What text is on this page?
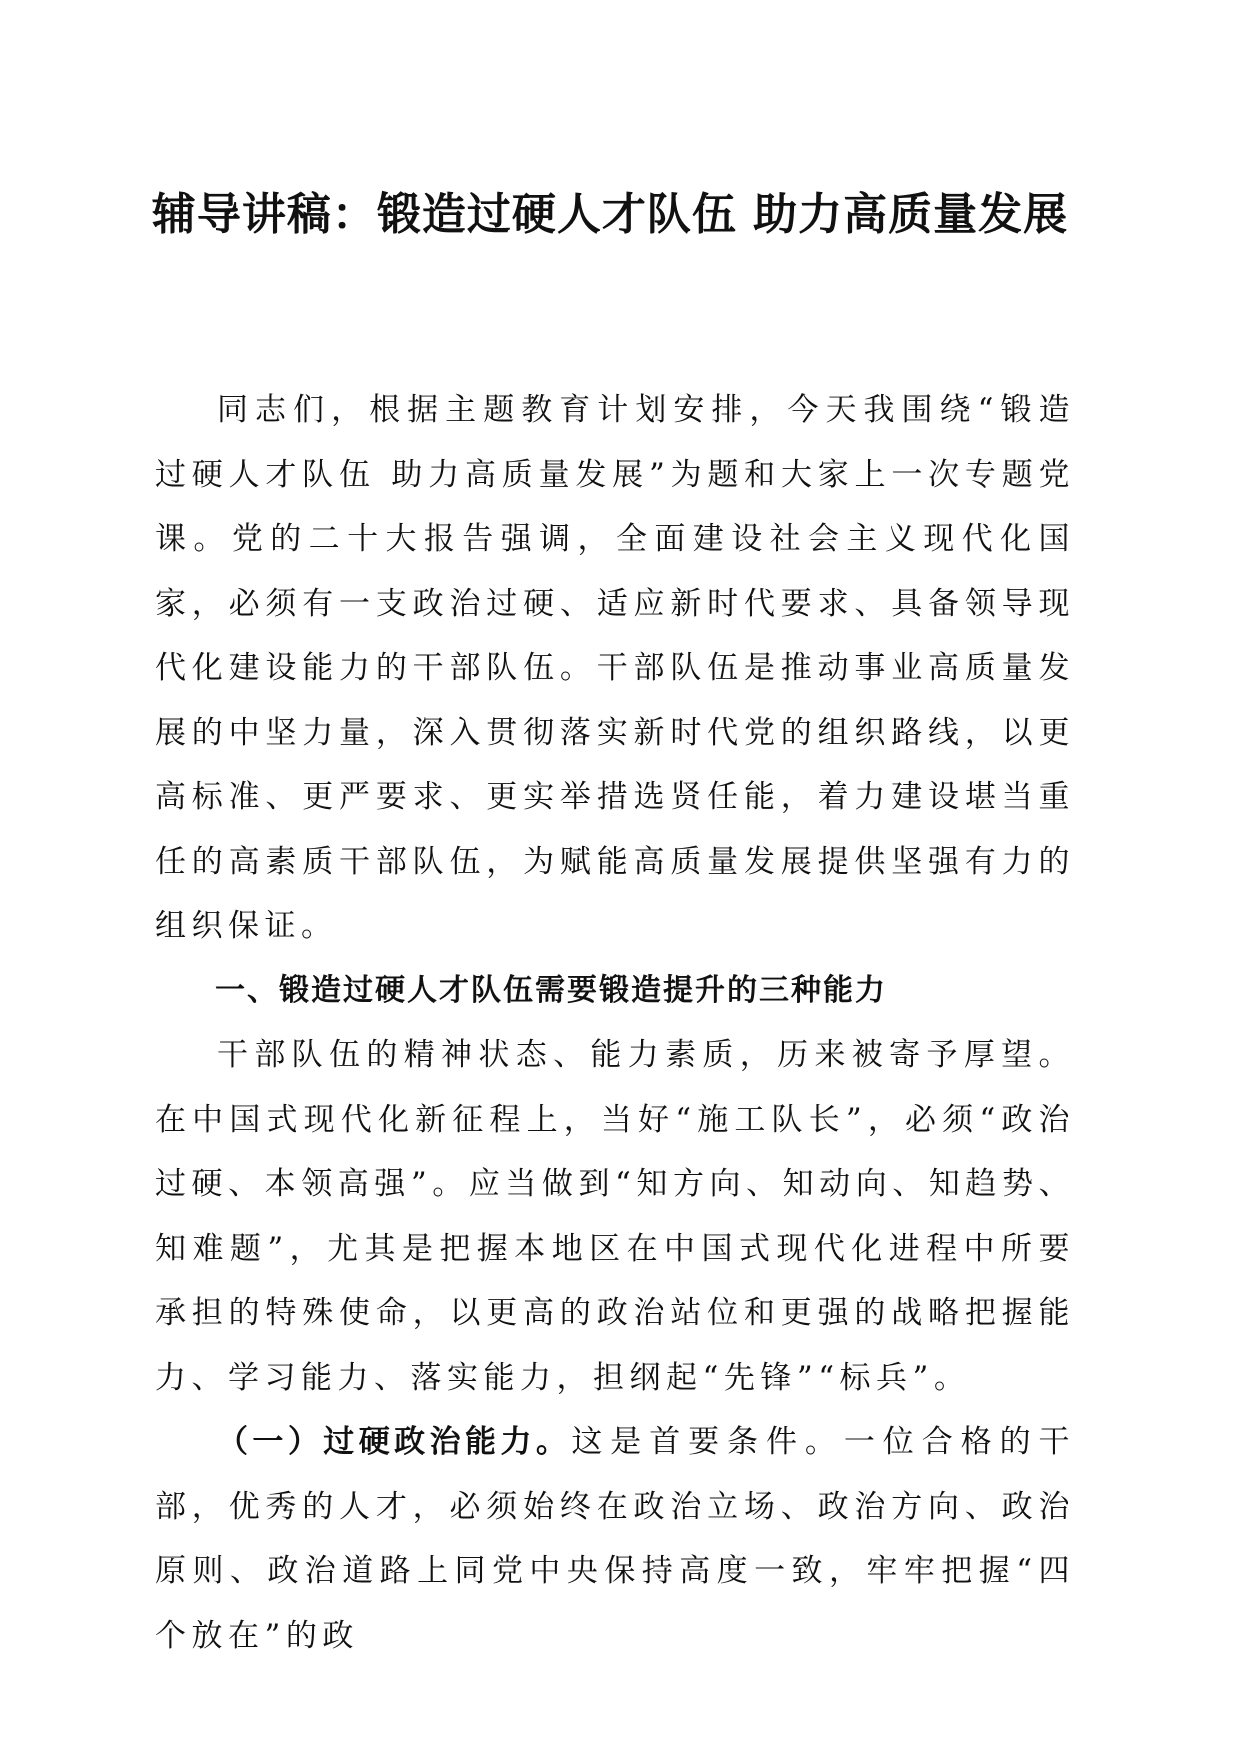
辅导讲稿：锻造过硬人才队伍 助力高质量发展

同志们，根据主题教育计划安排，今天我围绕“锻造过硬人才队伍 助力高质量发展”为题和大家上一次专题党课。党的二十大报告强调，全面建设社会主义现代化国家，必须有一支政治过硬、适应新时代要求、具备领导现代化建设能力的干部队伍。干部队伍是推动事业高质量发展的中坚力量，深入贯彻落实新时代党的组织路线，以更高标准、更严要求、更实举措选贤任能，着力建设堪当重任的高素质干部队伍，为赋能高质量发展提供坚强有力的组织保证。

一、锻造过硬人才队伍需要锻造提升的三种能力

干部队伍的精神状态、能力素质，历来被寄予厚望。在中国式现代化新征程上，当好“施工队长”，必须“政治过硬、本领高强”。应当做到“知方向、知动向、知趋势、知难题”，尤其是把握本地区在中国式现代化进程中所要承担的特殊使命，以更高的政治站位和更强的战略把握能力、学习能力、落实能力，担纲起“先锋”“标兵”。

（一）过硬政治能力。这是首要条件。一位合格的干部，优秀的人才，必须始终在政治立场、政治方向、政治原则、政治道路上同党中央保持高度一致，牢牢把握“四个放在”的政
